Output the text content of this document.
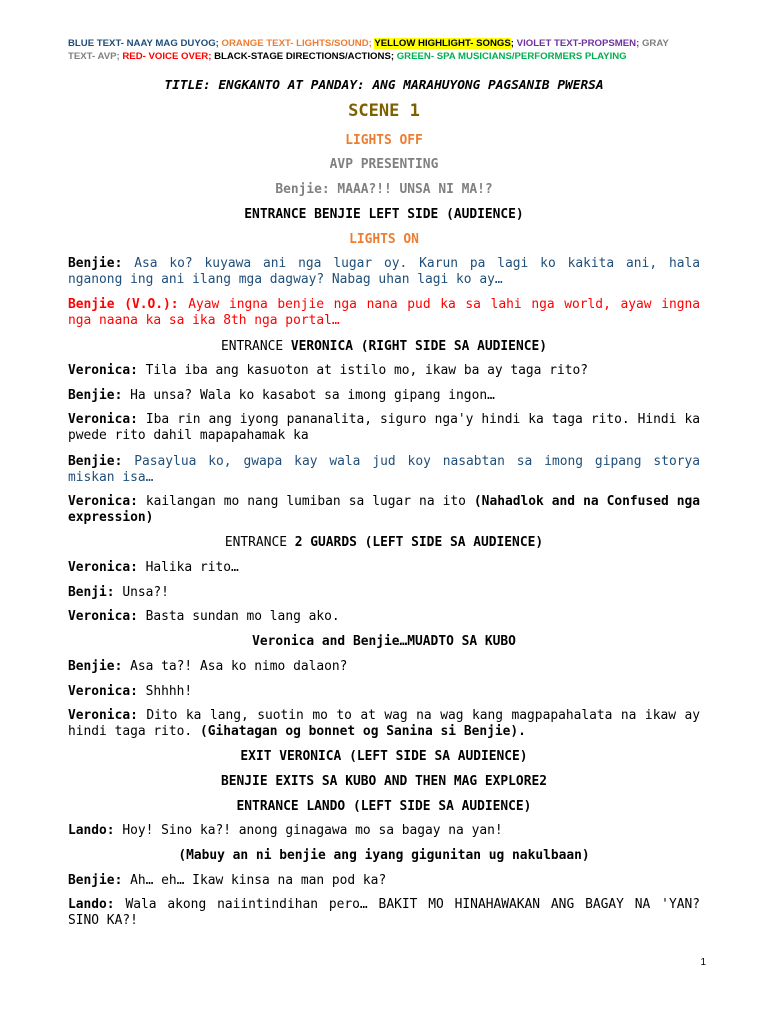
BLUE TEXT- NAAY MAG DUYOG; ORANGE TEXT- LIGHTS/SOUND; YELLOW HIGHLIGHT- SONGS; VIOLET TEXT-PROPSMEN; GRAY TEXT- AVP; RED- VOICE OVER; BLACK-STAGE DIRECTIONS/ACTIONS; GREEN- SPA MUSICIANS/PERFORMERS PLAYING
TITLE: ENGKANTO AT PANDAY: ANG MARAHUYONG PAGSANIB PWERSA
SCENE 1
LIGHTS OFF
AVP PRESENTING
Benjie: MAAA?!! UNSA NI MA!?
ENTRANCE BENJIE LEFT SIDE (AUDIENCE)
LIGHTS ON
Benjie: Asa ko? kuyawa ani nga lugar oy. Karun pa lagi ko kakita ani, hala nganong ing ani ilang mga dagway? Nabag uhan lagi ko ay…
Benjie (V.O.): Ayaw ingna benjie nga nana pud ka sa lahi nga world, ayaw ingna nga naana ka sa ika 8th nga portal…
ENTRANCE VERONICA (RIGHT SIDE SA AUDIENCE)
Veronica: Tila iba ang kasuoton at istilo mo, ikaw ba ay taga rito?
Benjie: Ha unsa? Wala ko kasabot sa imong gipang ingon…
Veronica: Iba rin ang iyong pananalita, siguro nga'y hindi ka taga rito. Hindi ka pwede rito dahil mapapahamak ka
Benjie: Pasaylua ko, gwapa kay wala jud koy nasabtan sa imong gipang storya miskan isa…
Veronica: kailangan mo nang lumiban sa lugar na ito (Nahadlok and na Confused nga expression)
ENTRANCE 2 GUARDS (LEFT SIDE SA AUDIENCE)
Veronica: Halika rito…
Benji: Unsa?!
Veronica: Basta sundan mo lang ako.
Veronica and Benjie…MUADTO SA KUBO
Benjie: Asa ta?! Asa ko nimo dalaon?
Veronica: Shhhh!
Veronica: Dito ka lang, suotin mo to at wag na wag kang magpapahalata na ikaw ay hindi taga rito. (Gihatagan og bonnet og Sanina si Benjie).
EXIT VERONICA (LEFT SIDE SA AUDIENCE)
BENJIE EXITS SA KUBO AND THEN MAG EXPLORE2
ENTRANCE LANDO (LEFT SIDE SA AUDIENCE)
Lando: Hoy! Sino ka?! anong ginagawa mo sa bagay na yan!
(Mabuy an ni benjie ang iyang gigunitan ug nakulbaan)
Benjie: Ah… eh… Ikaw kinsa na man pod ka?
Lando: Wala akong naiintindihan pero… BAKIT MO HINAHAWAKAN ANG BAGAY NA 'YAN? SINO KA?!
1
